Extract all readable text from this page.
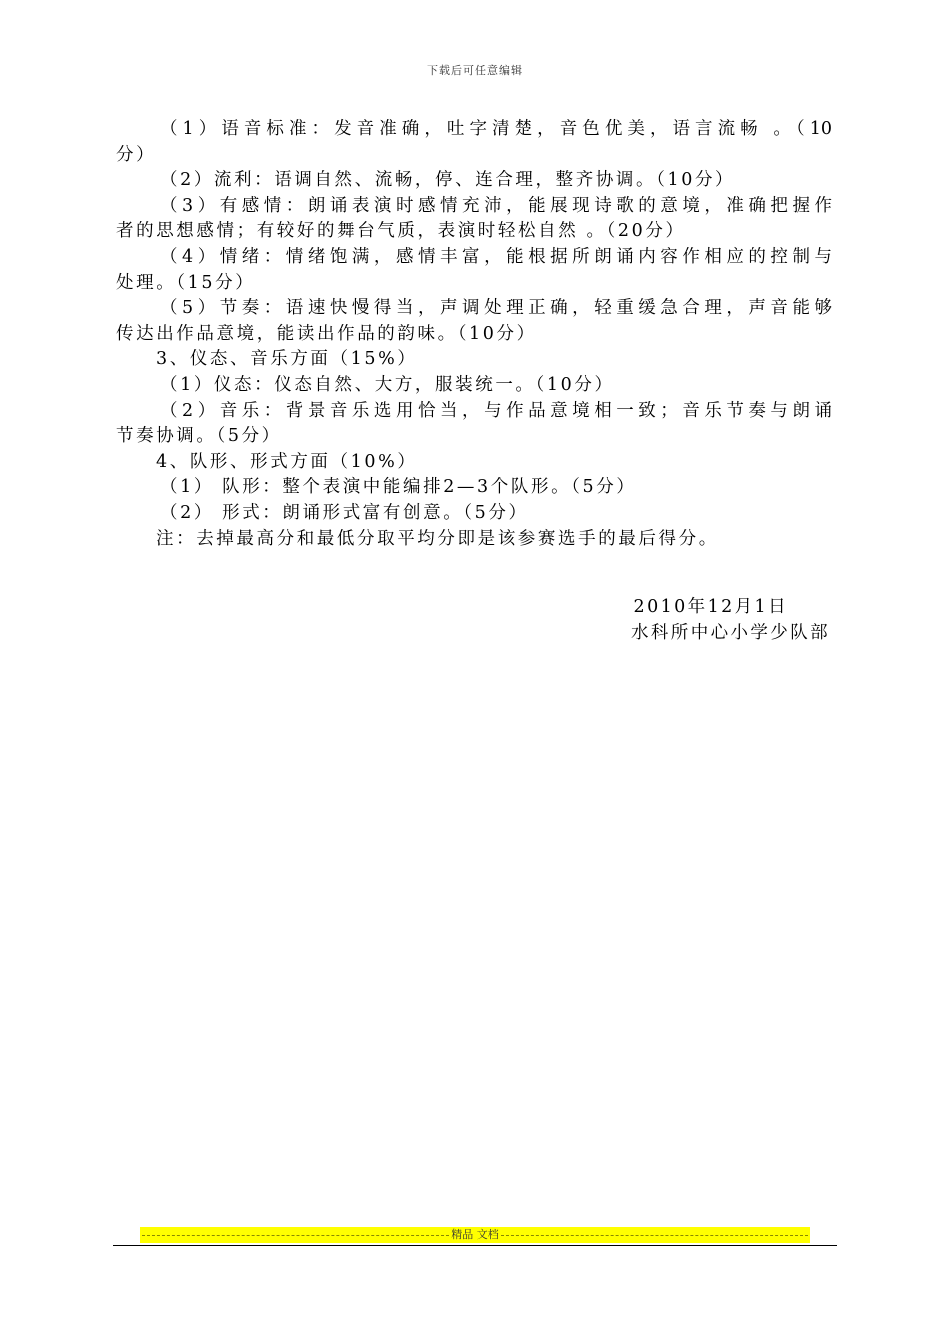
下载后可任意编辑
（1）语音标准：发音准确，吐字清楚，音色优美，语言流畅 。（10
分）
（2）流利：语调自然、流畅，停、连合理，整齐协调。（10分）
（3）有感情：朗诵表演时感情充沛，能展现诗歌的意境，准确把握作
者的思想感情；有较好的舞台气质，表演时轻松自然 。（20分）
（4）情绪：情绪饱满，感情丰富，能根据所朗诵内容作相应的控制与
处理。（15分）
（5）节奏：语速快慢得当，声调处理正确，轻重缓急合理，声音能够
传达出作品意境，能读出作品的韵味。（10分）
3、仪态、音乐方面（15%）
（1）仪态：仪态自然、大方，服装统一。（10分）
（2）音乐：背景音乐选用恰当，与作品意境相一致；音乐节奏与朗诵
节奏协调。（5分）
4、队形、形式方面（10%）
（1） 队形：整个表演中能编排2—3个队形。（5分）
（2） 形式：朗诵形式富有创意。（5分）
注：去掉最高分和最低分取平均分即是该参赛选手的最后得分。
2010年12月1日
水科所中心小学少队部
精品 文档
